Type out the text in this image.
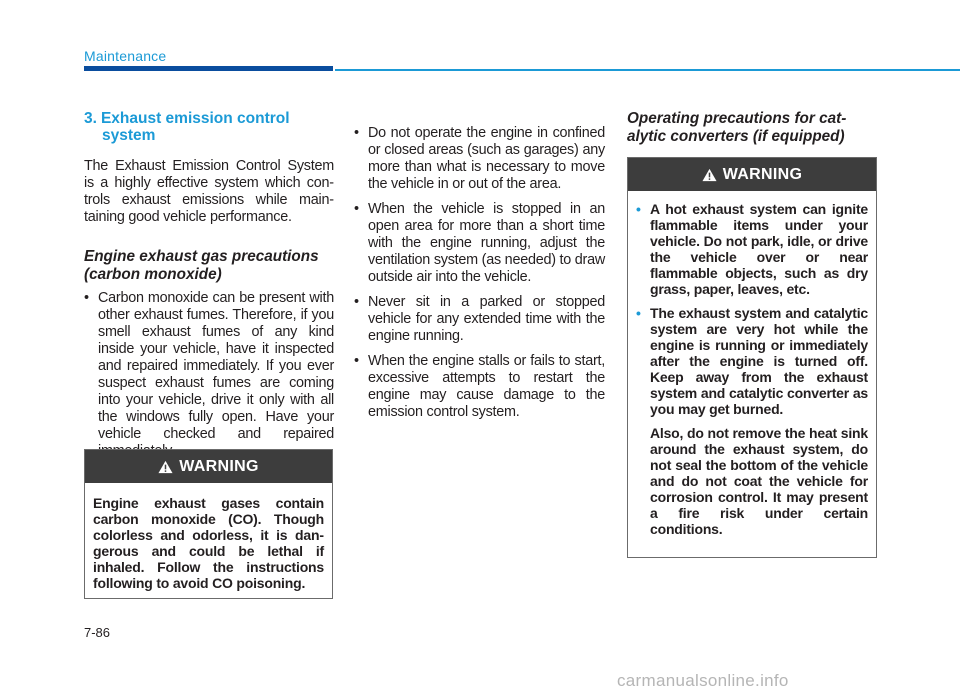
Maintenance
3. Exhaust emission control system

The Exhaust Emission Control System is a highly effective system which controls exhaust emissions while maintaining good vehicle performance.

Engine exhaust gas precautions (carbon monoxide)
• Carbon monoxide can be present with other exhaust fumes. Therefore, if you smell exhaust fumes of any kind inside your vehicle, have it inspected and repaired immediately. If you ever suspect exhaust fumes are coming into your vehicle, drive it only with all the windows fully open. Have your vehicle checked and repaired
WARNING
Engine exhaust gases contain carbon monoxide (CO). Though colorless and odorless, it is dangerous and could be lethal if inhaled. Follow the instructions following to avoid CO poisoning.
• Do not operate the engine in confined or closed areas (such as garages) any more than what is necessary to move the vehicle in or out of the area.
• When the vehicle is stopped in an open area for more than a short time with the engine running, adjust the ventilation system (as needed) to draw outside air into the vehicle.
• Never sit in a parked or stopped vehicle for any extended time with the engine running.
• When the engine stalls or fails to start, excessive attempts to restart the engine may cause damage to the emission control system.
Operating precautions for catalytic converters (if equipped)
WARNING
• A hot exhaust system can ignite flammable items under your vehicle. Do not park, idle, or drive the vehicle over or near flammable objects, such as dry grass, paper, leaves, etc.
• The exhaust system and catalytic system are very hot while the engine is running or immediately after the engine is turned off. Keep away from the exhaust system and catalytic converter as you may get burned.

Also, do not remove the heat sink around the exhaust system, do not seal the bottom of the vehicle and do not coat the vehicle for corrosion control. It may present a fire risk under certain conditions.

7-86
carmanualsonline.info
